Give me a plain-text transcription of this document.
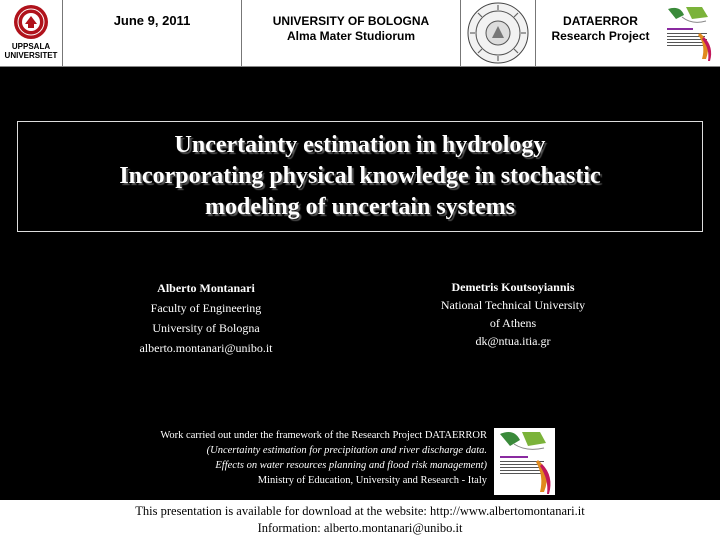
UPPSALA
UNIVERSITET
June 9, 2011	UNIVERSITY OF BOLOGNA
Alma Mater Studiorum
DATAERROR
Research Project
Uncertainty estimation in hydrology
Incorporating physical knowledge in stochastic
modeling of uncertain systems
Alberto Montanari
Faculty of Engineering
University of Bologna
alberto.montanari@unibo.it
Demetris Koutsoyiannis
National Technical University
of Athens
dk@ntua.itia.gr
Work carried out under the framework of the Research Project DATAERROR
(Uncertainty estimation for precipitation and river discharge data.
Effects on water resources planning and flood risk management)
Ministry of Education, University and Research - Italy
This presentation is available for download at the website: http://www.albertomontanari.it
Information: alberto.montanari@unibo.it
